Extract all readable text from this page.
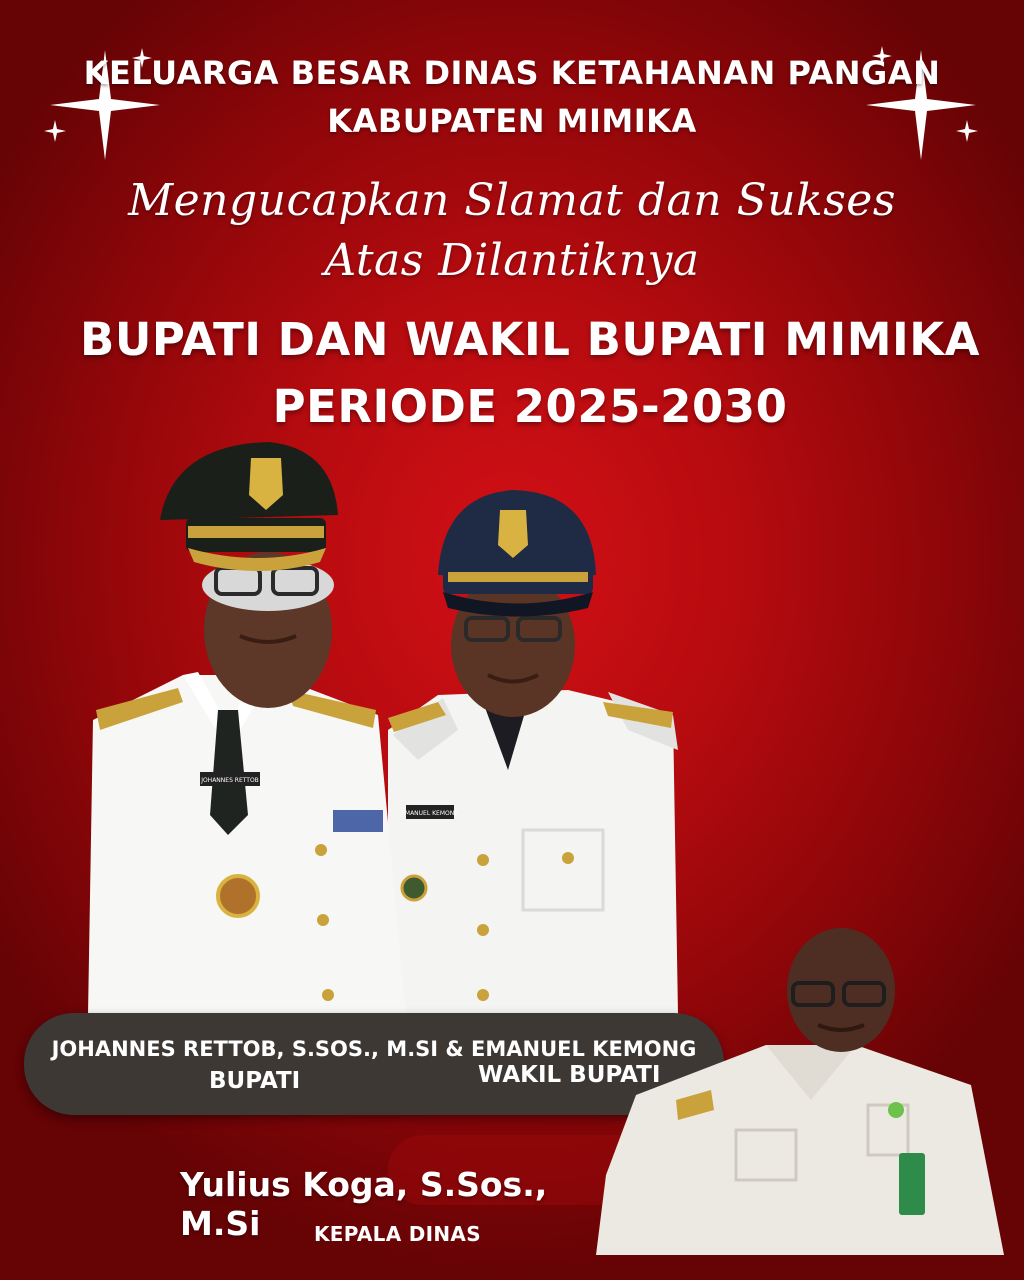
KELUARGA BESAR DINAS KETAHANAN PANGAN
KABUPATEN MIMIKA
Mengucapkan Slamat dan Sukses
Atas Dilantiknya
BUPATI DAN WAKIL BUPATI MIMIKA
PERIODE 2025-2030
EMANUEL KEMONG
JOHANNES RETTOB
JOHANNES RETTOB, S.SOS., M.SI & EMANUEL KEMONG
BUPATI	WAKIL BUPATI
Yulius Koga, S.Sos., M.Si	KEPALA DINAS
